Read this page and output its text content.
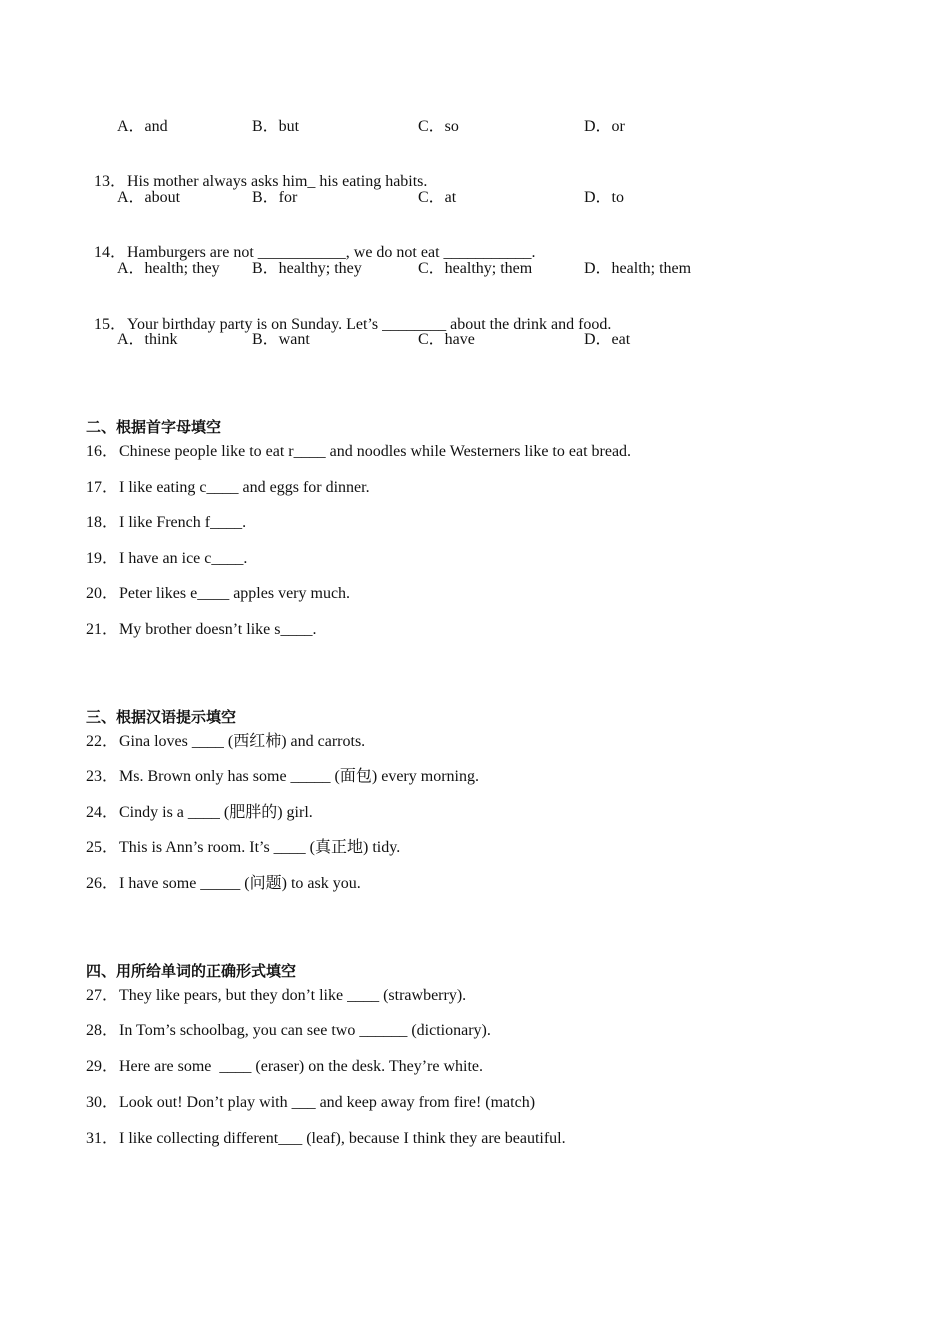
A．and	B．but	C．so	D．or

13．His mother always asks him_ his eating habits.

A．about	B．for	C．at	D．to

14．Hamburgers are not ___________, we do not eat ___________.

A．health; they B．healthy; they	C．healthy; them	D．health; them

15．Your birthday party is on Sunday. Let’s ________ about the drink and food.

A．think	B．want	C．have	D．eat
二、根据首字母填空
16．Chinese people like to eat r____ and noodles while Westerners like to eat bread.
17．I like eating c____ and eggs for dinner.
18．I like French f____.
19．I have an ice c____.
20．Peter likes e____ apples very much.
21．My brother doesn’t like s____.
三、根据汉语提示填空
22．Gina loves ____ (西红柿) and carrots.
23．Ms. Brown only has some _____ (面包) every morning.
24．Cindy is a ____ (肥胖的) girl.
25．This is Ann’s room. It’s ____ (真正地) tidy.
26．I have some _____ (问题) to ask you.
四、用所给单词的正确形式填空
27．They like pears, but they don’t like ____ (strawberry).
28．In Tom’s schoolbag, you can see two ______ (dictionary).
29．Here are some  ____ (eraser) on the desk. They’re white.
30．Look out! Don’t play with ___ and keep away from fire! (match)
31．I like collecting different___ (leaf), because I think they are beautiful.
